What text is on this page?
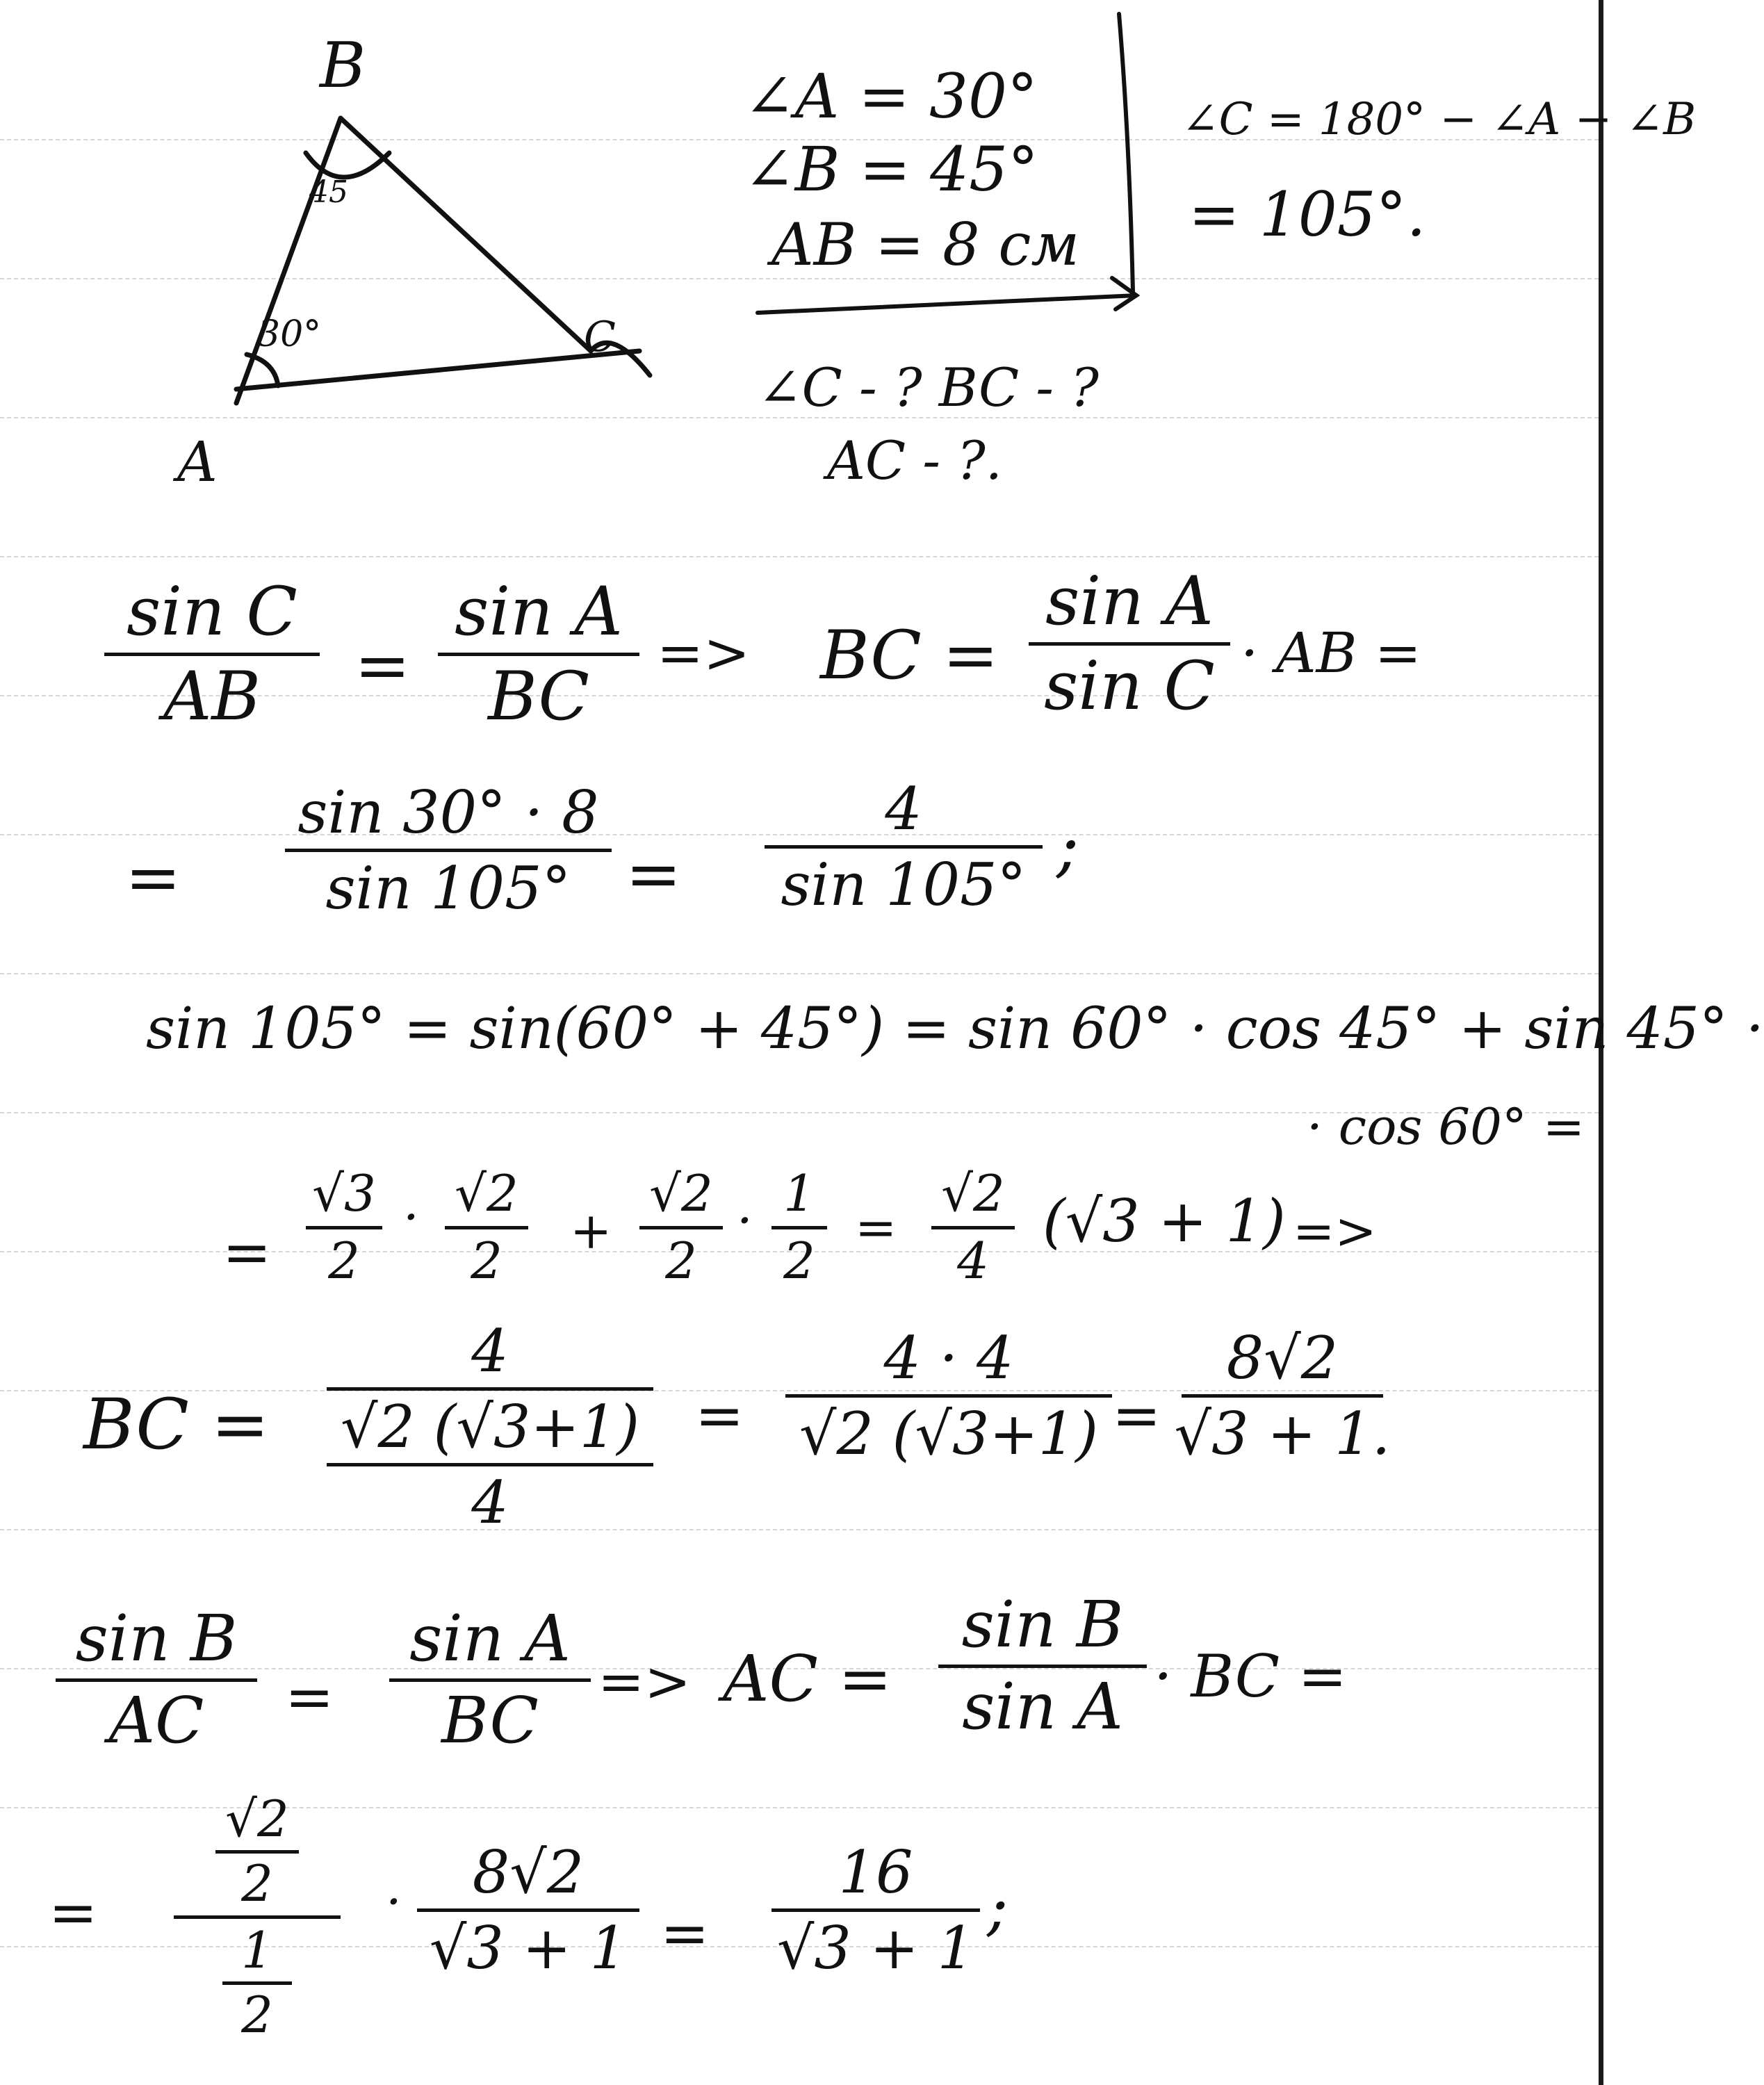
B
A
C
45
30°
∠A = 30°
∠B = 45°
AB = 8 см
∠C - ? BC - ?
AC - ?.
∠C = 180° − ∠A − ∠B
= 105°.
sin C
AB =
sin A
BC
=> BC =
sin A
sin C · AB =
=
sin 30° · 8
sin 105° =
4
sin 105° ;
sin 105° = sin(60° + 45°) = sin 60° · cos 45° + sin 45° ·
· cos 60° =
=
√3
2
· √2
2
+
√2
2
· 1
2
=
√2
4
(√3 + 1) =>
BC =
4
√2 (√3+1)
4
=
4 · 4
√2 (√3+1) =
8√2
√3 + 1.
sin B
AC =
sin A
BC
=> AC =
sin B
sin A · BC =
=
√2
2
1
2
· 8√2
√3 + 1 =
16
√3 + 1
;
